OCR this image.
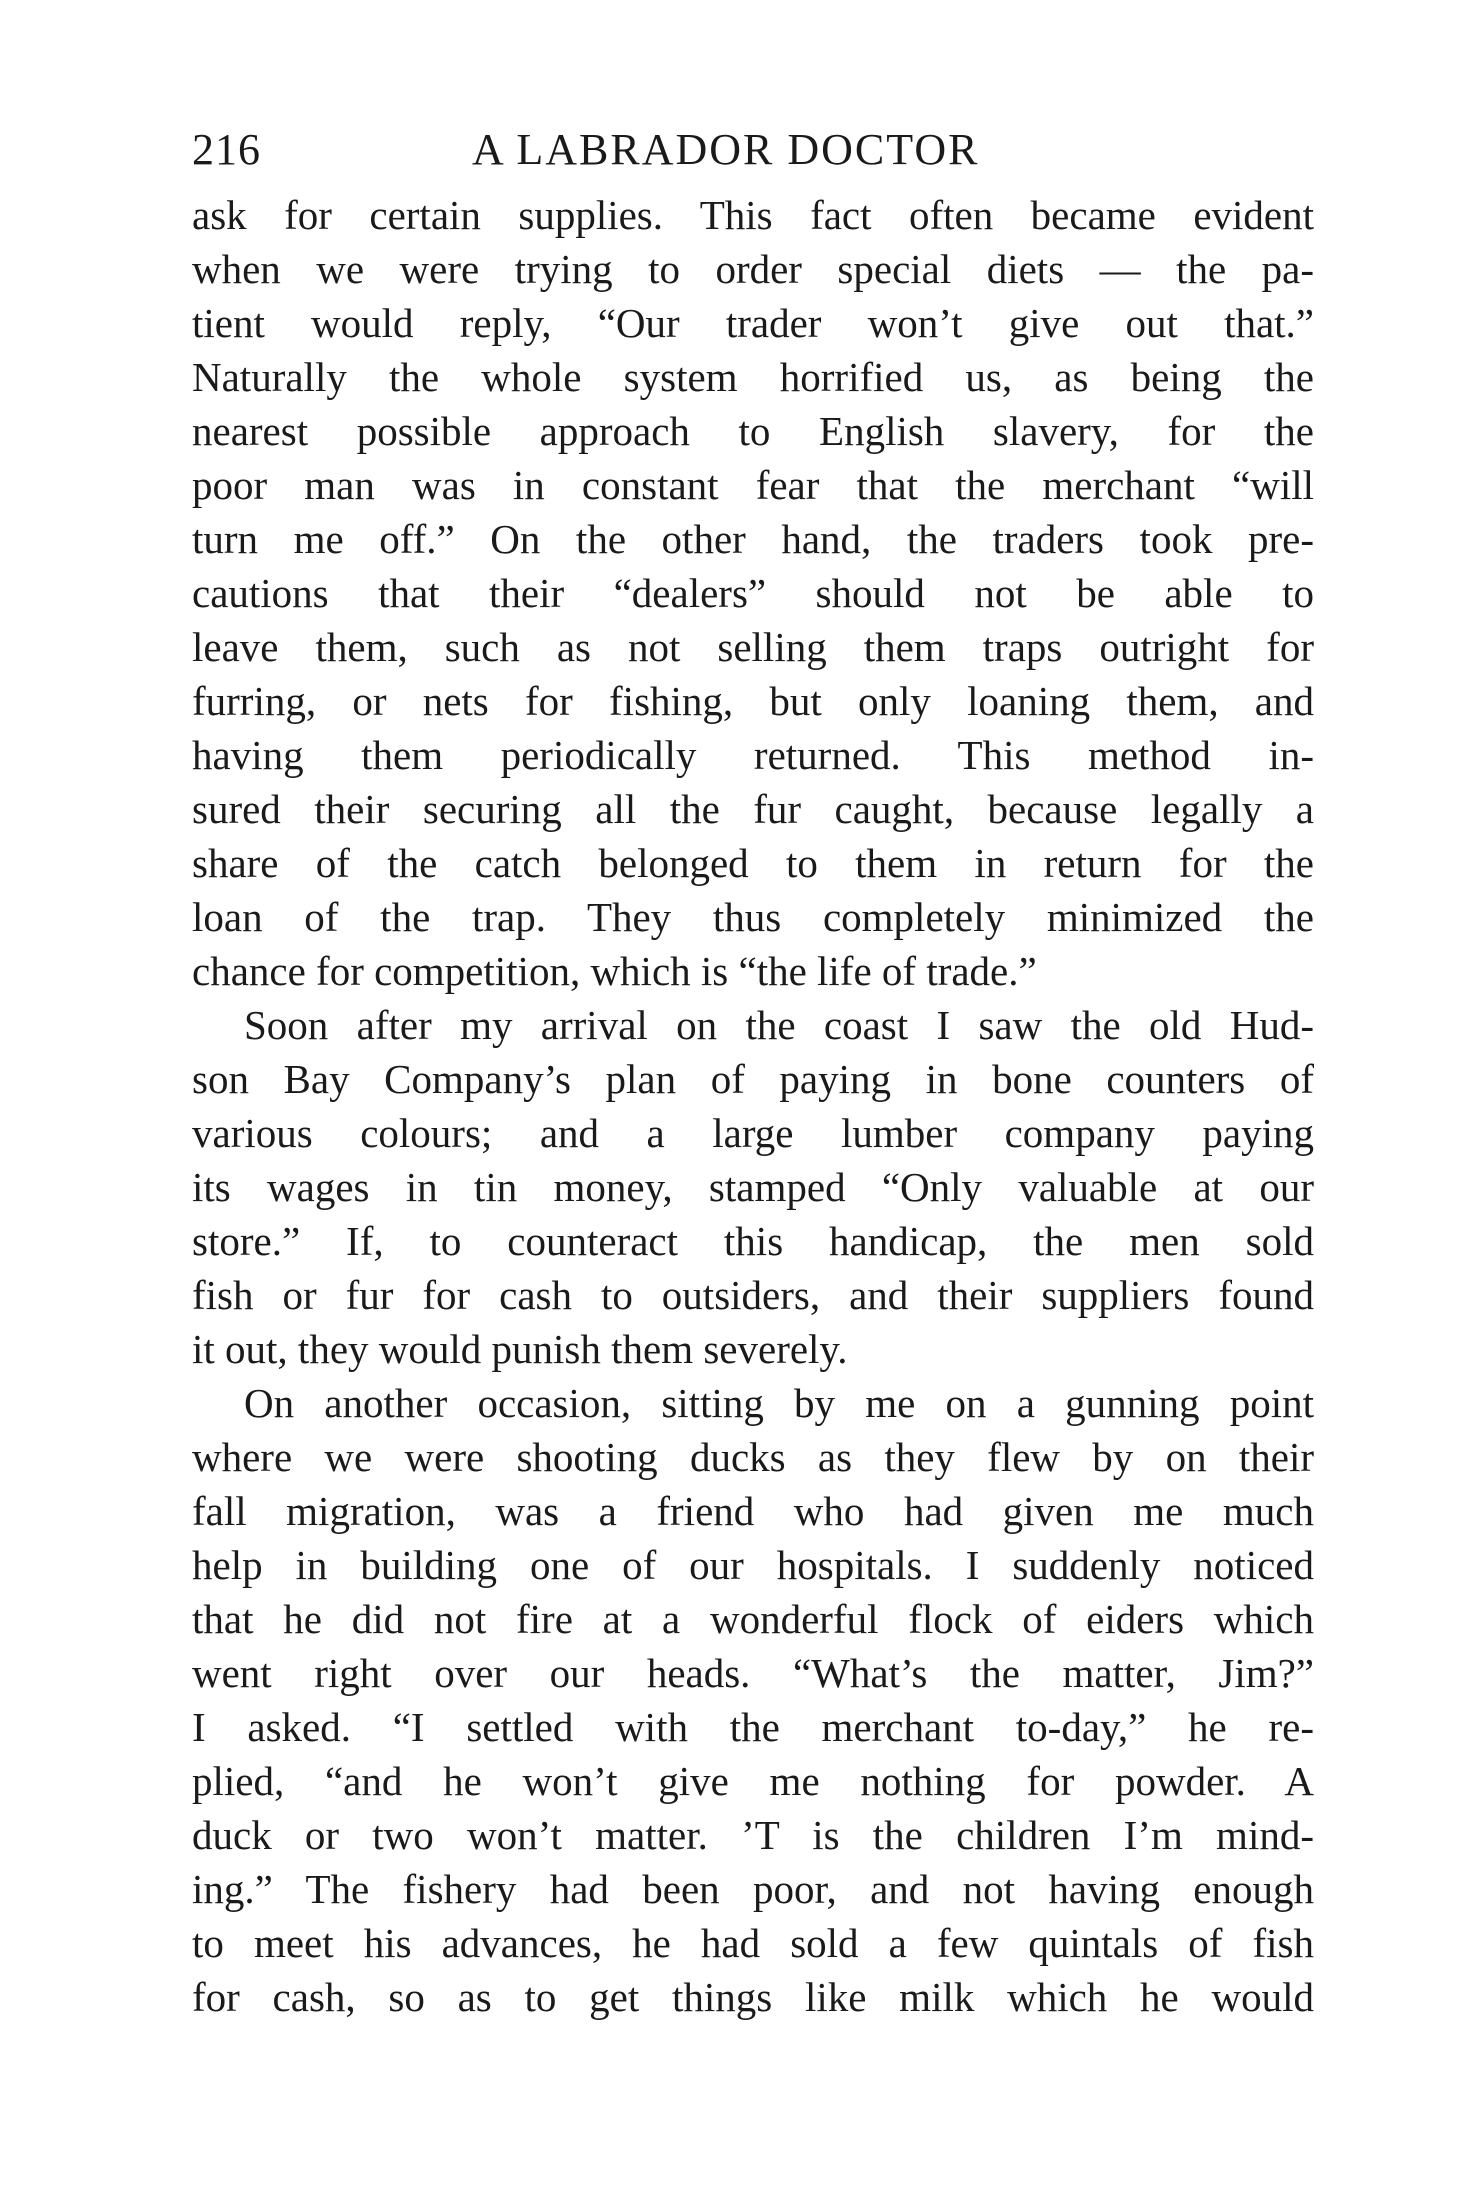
216	A LABRADOR DOCTOR
ask for certain supplies. This fact often became evident
when we were trying to order special diets — the pa-
tient would reply, “Our trader won’t give out that.”
Naturally the whole system horrified us, as being the
nearest possible approach to English slavery, for the
poor man was in constant fear that the merchant “will
turn me off.” On the other hand, the traders took pre-
cautions that their “dealers” should not be able to
leave them, such as not selling them traps outright for
furring, or nets for fishing, but only loaning them, and
having them periodically returned. This method in-
sured their securing all the fur caught, because legally a
share of the catch belonged to them in return for the
loan of the trap. They thus completely minimized the
chance for competition, which is “the life of trade.”
Soon after my arrival on the coast I saw the old Hud-
son Bay Company’s plan of paying in bone counters of
various colours; and a large lumber company paying
its wages in tin money, stamped “Only valuable at our
store.” If, to counteract this handicap, the men sold
fish or fur for cash to outsiders, and their suppliers found
it out, they would punish them severely.
On another occasion, sitting by me on a gunning point
where we were shooting ducks as they flew by on their
fall migration, was a friend who had given me much
help in building one of our hospitals. I suddenly noticed
that he did not fire at a wonderful flock of eiders which
went right over our heads. “What’s the matter, Jim?”
I asked. “I settled with the merchant to-day,” he re-
plied, “and he won’t give me nothing for powder. A
duck or two won’t matter. ’T is the children I’m mind-
ing.” The fishery had been poor, and not having enough
to meet his advances, he had sold a few quintals of fish
for cash, so as to get things like milk which he would
